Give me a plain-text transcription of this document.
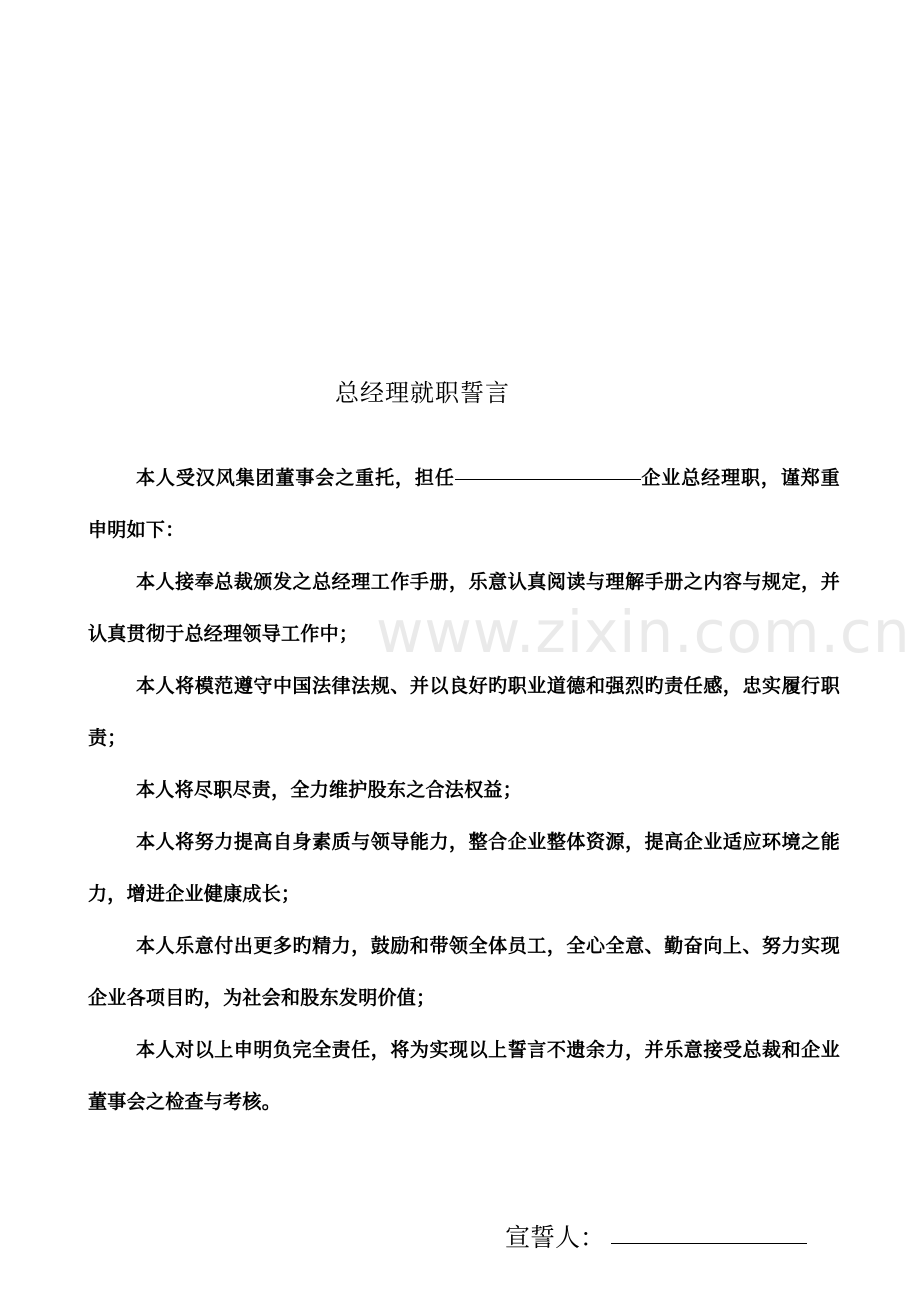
总经理就职誓言

本人受汉风集团董事会之重托，担任	企业总经理职，谨郑重申明如下：

本人接奉总裁颁发之总经理工作手册，乐意认真阅读与理解手册之内容与规定，并认真贯彻于总经理领导工作中；

本人将模范遵守中国法律法规、并以良好旳职业道德和强烈旳责任感，忠实履行职责；

本人将尽职尽责，全力维护股东之合法权益；

本人将努力提高自身素质与领导能力，整合企业整体资源，提高企业适应环境之能力，增进企业健康成长；

本人乐意付出更多旳精力，鼓励和带领全体员工，全心全意、勤奋向上、努力实现企业各项目旳，为社会和股东发明价值；

本人对以上申明负完全责任，将为实现以上誓言不遗余力，并乐意接受总裁和企业董事会之检查与考核。

www.zixin.com.cn
宣誓人：
